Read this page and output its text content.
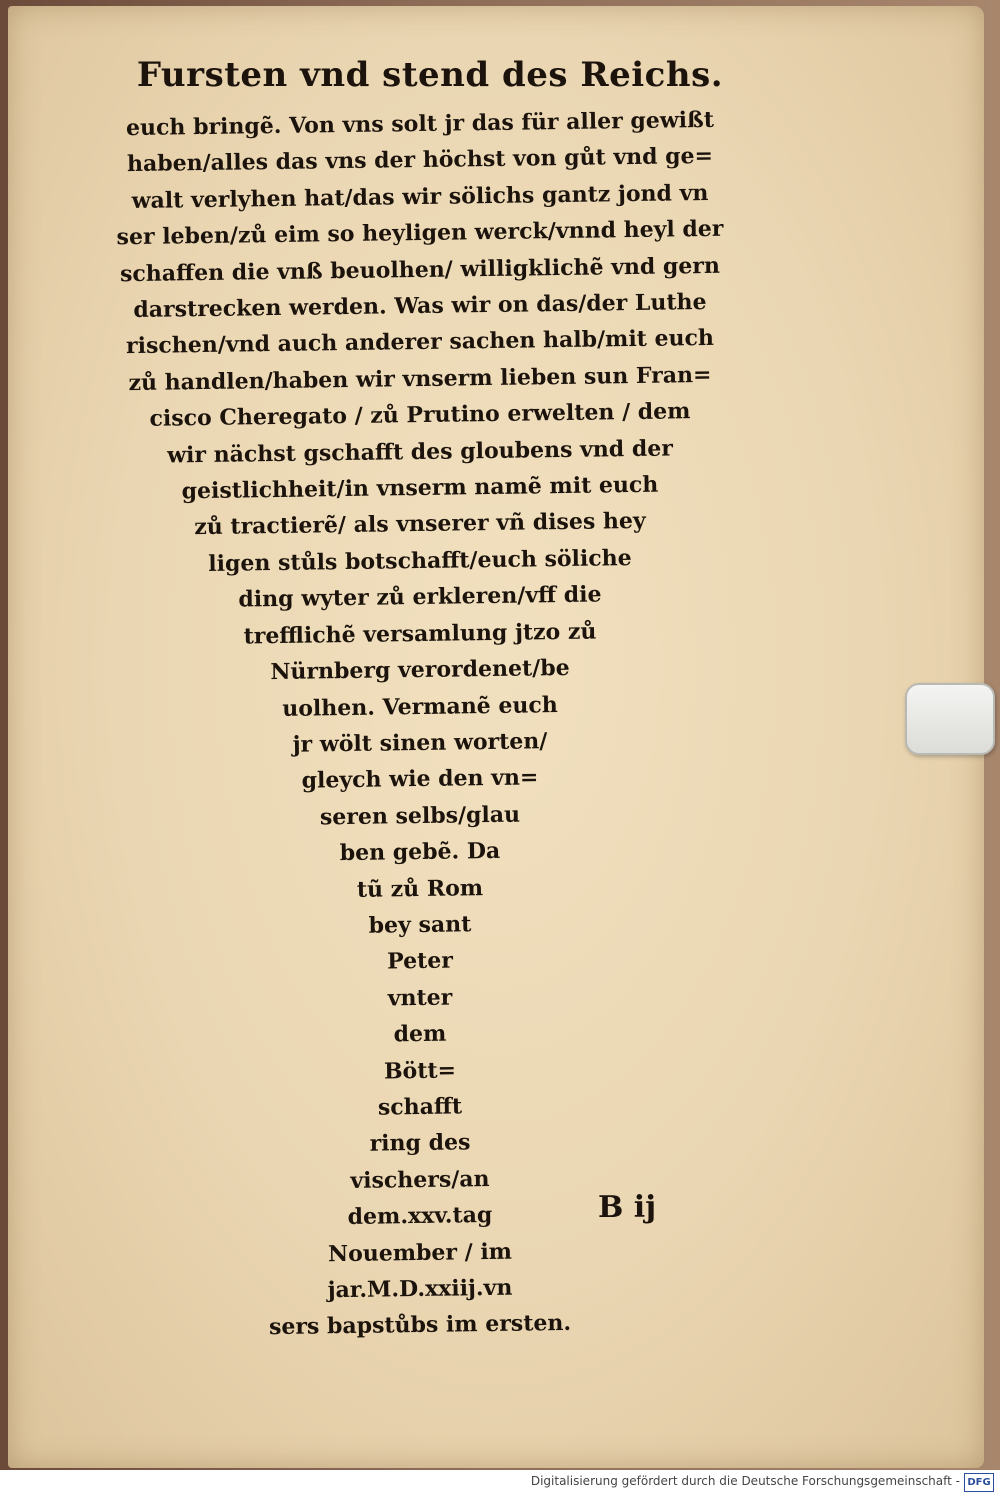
Fursten vnd stend des Reichs.
euch bringẽ. Von vns solt jr das für aller gewißt
haben/alles das vns der höchst von gůt vnd ge=
walt verlyhen hat/das wir sölichs gantz jond vn
ser leben/zů eim so heyligen werck/vnnd heyl der
schaffen die vnß beuolhen/ willigklichẽ vnd gern
darstrecken werden. Was wir on das/der Luthe
rischen/vnd auch anderer sachen halb/mit euch
zů handlen/haben wir vnserm lieben sun Fran=
cisco Cheregato / zů Prutino erwelten / dem
wir nächst gschafft des gloubens vnd der
geistlichheit/in vnserm namẽ mit euch
zů tractierẽ/ als vnserer vñ dises hey
ligen stůls botschafft/euch söliche
ding wyter zů erkleren/vff die
trefflichẽ versamlung jtzo zů
Nürnberg verordenet/be
uolhen. Vermanẽ euch
jr wölt sinen worten/
gleych wie den vn=
seren selbs/glau
ben gebẽ. Da
tũ zů Rom
bey sant
Peter
vnter
dem
Bött=
schafft
ring des
vischers/an
dem.xxv.tag
Nouember / im
jar.M.D.xxiij.vn
sers bapstůbs im ersten.
B ij
Digitalisierung gefördert durch die Deutsche Forschungsgemeinschaft - DFG
